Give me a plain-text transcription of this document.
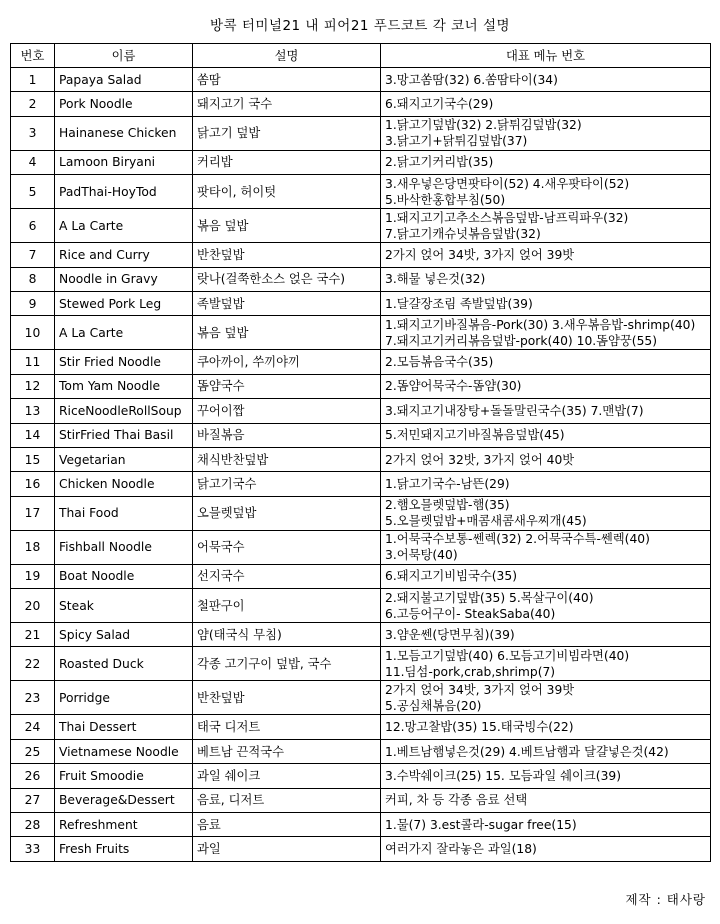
방콕 터미널21 내 피어21 푸드코트 각 코너 설명
번호	이름	설명	대표 메뉴 번호
1	Papaya Salad	쏨땀	3.망고쏨땀(32) 6.쏨땀타이(34)
2	Pork Noodle	돼지고기 국수	6.돼지고기국수(29)
3	Hainanese Chicken	닭고기 덮밥	1.닭고기덮밥(32) 2.닭튀김덮밥(32)
3.닭고기+닭튀김덮밥(37)
4	Lamoon Biryani	커리밥	2.닭고기커리밥(35)
5	PadThai-HoyTod	팟타이, 허이텃	3.새우넣은당면팟타이(52) 4.새우팟타이(52)
5.바삭한홍합부침(50)
6	A La Carte	볶음 덮밥	1.돼지고기고추소스볶음덮밥-남프릭파우(32)
7.닭고기캐슈넛볶음덮밥(32)
7	Rice and Curry	반찬덮밥	2가지 얹어 34밧, 3가지 얹어 39밧
8	Noodle in Gravy	랏나(걸쭉한소스 얹은 국수)	3.해물 넣은것(32)
9	Stewed Pork Leg	족발덮밥	1.달걀장조림 족발덮밥(39)
10	A La Carte	볶음 덮밥	1.돼지고기바질볶음-Pork(30) 3.새우볶음밥-shrimp(40)
7.돼지고기커리볶음덮밥-pork(40) 10.똠얌꿍(55)
11	Stir Fried Noodle	쿠아까이, 쑤끼야끼	2.모듬볶음국수(35)
12	Tom Yam Noodle	똠얌국수	2.똠얌어묵국수-똠얌(30)
13	RiceNoodleRollSoup	꾸어이짭	3.돼지고기내장탕+돌돌말린국수(35) 7.맨밥(7)
14	StirFried Thai Basil	바질볶음	5.저민돼지고기바질볶음덮밥(45)
15	Vegetarian	채식반찬덮밥	2가지 얹어 32밧, 3가지 얹어 40밧
16	Chicken Noodle	닭고기국수	1.닭고기국수-남뜬(29)
17	Thai Food	오믈렛덮밥	2.햄오믈렛덮밥-햄(35)
5.오믈렛덮밥+매콤새콤새우찌개(45)
18	Fishball Noodle	어묵국수	1.어묵국수보통-쎈렉(32) 2.어묵국수특-쎈렉(40)
3.어묵탕(40)
19	Boat Noodle	선지국수	6.돼지고기비빔국수(35)
20	Steak	철판구이	2.돼지불고기덮밥(35) 5.목살구이(40)
6.고등어구이- SteakSaba(40)
21	Spicy Salad	얌(태국식 무침)	3.얌운쎈(당면무침)(39)
22	Roasted Duck	각종 고기구이 덮밥, 국수	1.모듬고기덮밥(40) 6.모듬고기비빔라면(40)
11.딤섬-pork,crab,shrimp(7)
23	Porridge	반찬덮밥	2가지 얹어 34밧, 3가지 얹어 39밧
5.공심채볶음(20)
24	Thai Dessert	태국 디저트	12.망고찰밥(35) 15.태국빙수(22)
25	Vietnamese Noodle	베트남 끈적국수	1.베트남햄넣은것(29) 4.베트남햄과 달걀넣은것(42)
26	Fruit Smoodie	과일 쉐이크	3.수박쉐이크(25) 15. 모듬과일 쉐이크(39)
27	Beverage&Dessert	음료, 디저트	커피, 차 등 각종 음료 선택
28	Refreshment	음료	1.물(7) 3.est콜라-sugar free(15)
33	Fresh Fruits	과일	여러가지 잘라놓은 과일(18)
제작 : 태사랑
